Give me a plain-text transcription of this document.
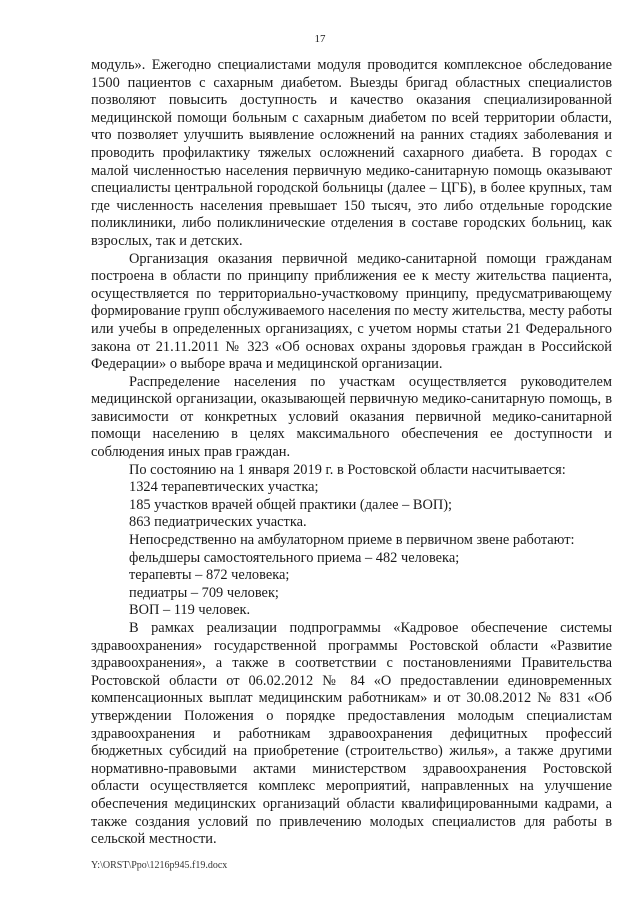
17

модуль». Ежегодно специалистами модуля проводится комплексное обследование 1500 пациентов с сахарным диабетом. Выезды бригад областных специалистов позволяют повысить доступность и качество оказания специализированной медицинской помощи больным с сахарным диабетом по всей территории области, что позволяет улучшить выявление осложнений на ранних стадиях заболевания и проводить профилактику тяжелых осложнений сахарного диабета. В городах с малой численностью населения первичную медико-санитарную помощь оказывают специалисты центральной городской больницы (далее – ЦГБ), в более крупных, там где численность населения превышает 150 тысяч, это либо отдельные городские поликлиники, либо поликлинические отделения в составе городских больниц, как взрослых, так и детских.

Организация оказания первичной медико-санитарной помощи гражданам построена в области по принципу приближения ее к месту жительства пациента, осуществляется по территориально-участковому принципу, предусматривающему формирование групп обслуживаемого населения по месту жительства, месту работы или учебы в определенных организациях, с учетом нормы статьи 21 Федерального закона от 21.11.2011 № 323 «Об основах охраны здоровья граждан в Российской Федерации» о выборе врача и медицинской организации.

Распределение населения по участкам осуществляется руководителем медицинской организации, оказывающей первичную медико-санитарную помощь, в зависимости от конкретных условий оказания первичной медико-санитарной помощи населению в целях максимального обеспечения ее доступности и соблюдения иных прав граждан.

По состоянию на 1 января 2019 г. в Ростовской области насчитывается:

1324 терапевтических участка;

185 участков врачей общей практики (далее – ВОП);

863 педиатрических участка.

Непосредственно на амбулаторном приеме в первичном звене работают:

фельдшеры самостоятельного приема – 482 человека;

терапевты – 872 человека;

педиатры – 709 человек;

ВОП – 119 человек.

В рамках реализации подпрограммы «Кадровое обеспечение системы здравоохранения» государственной программы Ростовской области «Развитие здравоохранения», а также в соответствии с постановлениями Правительства Ростовской области от 06.02.2012 № 84 «О предоставлении единовременных компенсационных выплат медицинским работникам» и от 30.08.2012 № 831 «Об утверждении Положения о порядке предоставления молодым специалистам здравоохранения и работникам здравоохранения дефицитных профессий бюджетных субсидий на приобретение (строительство) жилья», а также другими нормативно-правовыми актами министерством здравоохранения Ростовской области осуществляется комплекс мероприятий, направленных на улучшение обеспечения медицинских организаций области квалифицированными кадрами, а также создания условий по привлечению молодых специалистов для работы в сельской местности.

Y:\ORST\Ppo\1216p945.f19.docx
